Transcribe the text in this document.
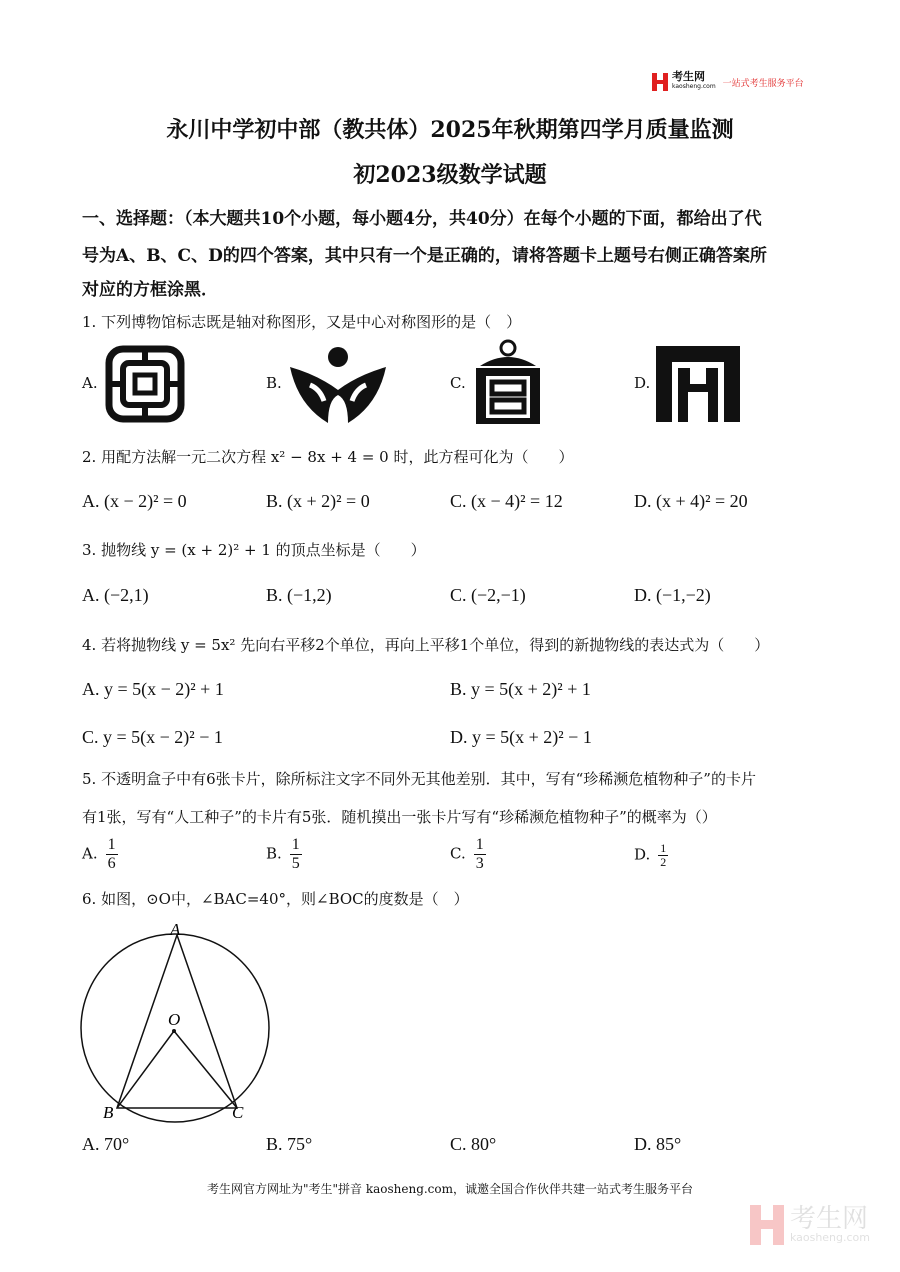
考生网
kaosheng.com 一站式考生服务平台
永川中学初中部（教共体）2025年秋期第四学月质量监测
初2023级数学试题
一、选择题：（本大题共10个小题，每小题4分，共40分）在每个小题的下面，都给出了代
号为A、B、C、D的四个答案，其中只有一个是正确的，请将答题卡上题号右侧正确答案所
对应的方框涂黑．
1. 下列博物馆标志既是轴对称图形，又是中心对称图形的是（　）
A.	B.	C.	D.
2. 用配方法解一元二次方程 x² − 8x + 4 = 0 时，此方程可化为（　　）
A. (x − 2)² = 0	B. (x + 2)² = 0	C. (x − 4)² = 12	D. (x + 4)² = 20
3. 抛物线 y = (x + 2)² + 1 的顶点坐标是（　　）
A. (−2,1)	B. (−1,2)	C. (−2,−1)	D. (−1,−2)
4. 若将抛物线 y = 5x² 先向右平移2个单位，再向上平移1个单位，得到的新抛物线的表达式为（　　）
A. y = 5(x − 2)² + 1	B. y = 5(x + 2)² + 1
C. y = 5(x − 2)² − 1	D. y = 5(x + 2)² − 1
5. 不透明盒子中有6张卡片，除所标注文字不同外无其他差别．其中，写有“珍稀濒危植物种子”的卡片
有1张，写有“人工种子”的卡片有5张．随机摸出一张卡片写有“珍稀濒危植物种子”的概率为（）
A. $\frac{1}{6}$	B. $\frac{1}{5}$	C. $\frac{1}{3}$	D. $\frac{1}{2}$
6. 如图，⊙O中，∠BAC=40°，则∠BOC的度数是（　）
A
O
B	C
A. 70°	B. 75°	C. 80°	D. 85°
考生网官方网址为"考生"拼音 kaosheng.com，诚邀全国合作伙伴共建一站式考生服务平台
考生网
kaosheng.com
